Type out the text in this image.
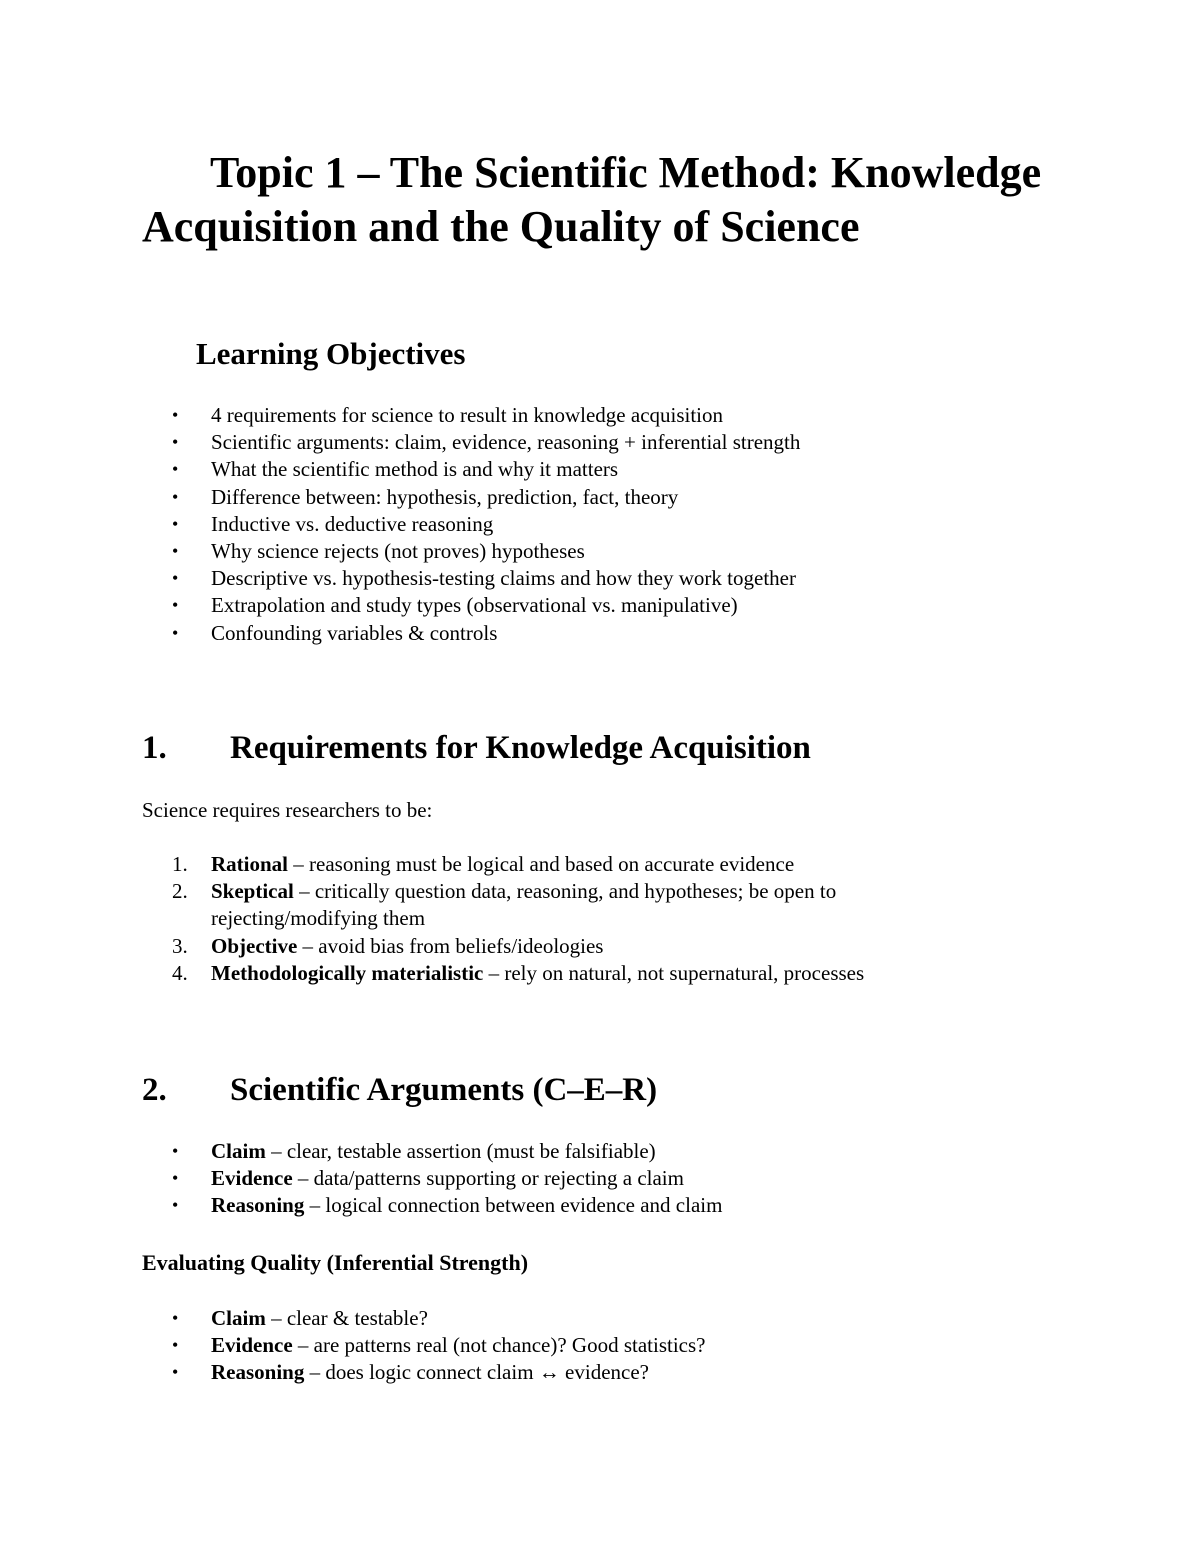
Topic 1 – The Scientific Method: Knowledge Acquisition and the Quality of Science
Learning Objectives
• 4 requirements for science to result in knowledge acquisition
• Scientific arguments: claim, evidence, reasoning + inferential strength
• What the scientific method is and why it matters
• Difference between: hypothesis, prediction, fact, theory
• Inductive vs. deductive reasoning
• Why science rejects (not proves) hypotheses
• Descriptive vs. hypothesis-testing claims and how they work together
• Extrapolation and study types (observational vs. manipulative)
• Confounding variables & controls
1. Requirements for Knowledge Acquisition

Science requires researchers to be:

1. Rational – reasoning must be logical and based on accurate evidence
2. Skeptical – critically question data, reasoning, and hypotheses; be open to rejecting/modifying them
3. Objective – avoid bias from beliefs/ideologies
4. Methodologically materialistic – rely on natural, not supernatural, processes
2. Scientific Arguments (C–E–R)
• Claim – clear, testable assertion (must be falsifiable)
• Evidence – data/patterns supporting or rejecting a claim
• Reasoning – logical connection between evidence and claim
Evaluating Quality (Inferential Strength)
• Claim – clear & testable?
• Evidence – are patterns real (not chance)? Good statistics?
• Reasoning – does logic connect claim ↔ evidence?
